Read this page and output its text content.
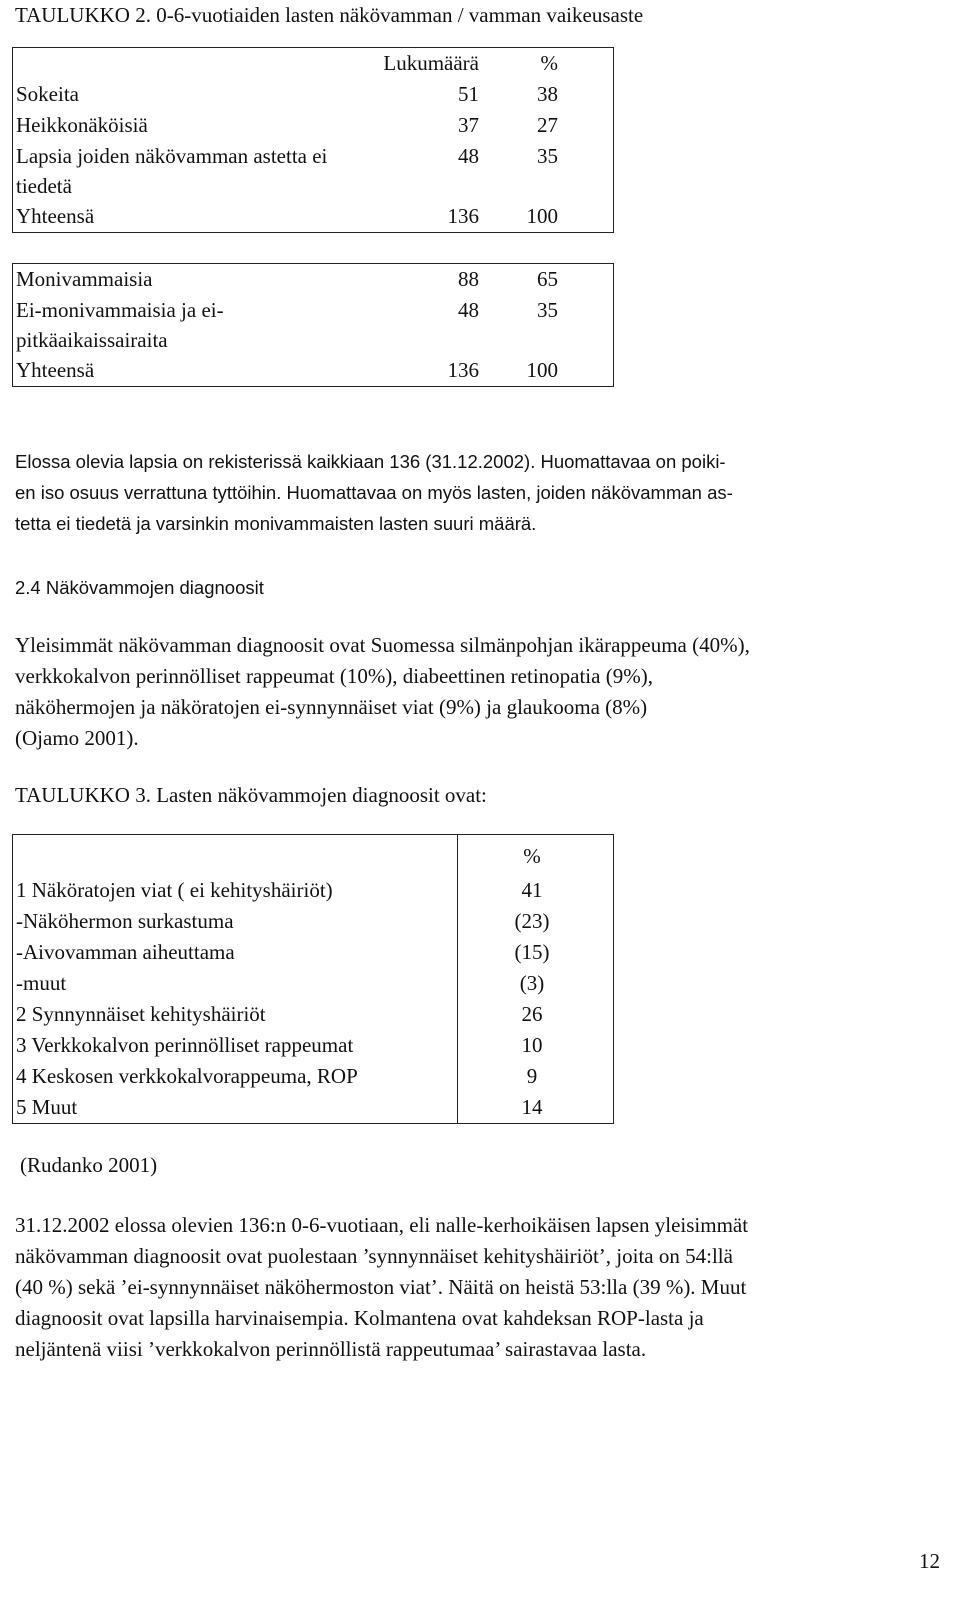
TAULUKKO 2. 0-6-vuotiaiden lasten näkövamman / vamman vaikeusaste
	Lukumäärä	%
Sokeita	51	38
Heikkonäköisiä	37	27
Lapsia joiden näkövamman astetta ei tiedetä	48	35
Yhteensä	136	100
Monivammaisia	88	65
Ei-monivammaisia ja ei-pitkäaikaissairaita	48	35
Yhteensä	136	100
Elossa olevia lapsia on rekisterissä kaikkiaan 136 (31.12.2002). Huomattavaa on poiki-
en iso osuus verrattuna tyttöihin. Huomattavaa on myös lasten, joiden näkövamman as-
tetta ei tiedetä ja varsinkin monivammaisten lasten suuri määrä.
2.4 Näkövammojen diagnoosit
Yleisimmät näkövamman diagnoosit ovat Suomessa silmänpohjan ikärappeuma (40%),
verkkokalvon perinnölliset rappeumat (10%), diabeettinen retinopatia (9%),
näköhermojen ja näköratojen ei-synnynnäiset viat (9%) ja glaukooma (8%)
(Ojamo 2001).
TAULUKKO 3. Lasten näkövammojen diagnoosit ovat:
	%
1 Näköratojen viat ( ei kehityshäiriöt)	41
-Näköhermon surkastuma	(23)
-Aivovamman aiheuttama	(15)
-muut	(3)
2 Synnynnäiset kehityshäiriöt	26
3 Verkkokalvon perinnölliset rappeumat	10
4 Keskosen verkkokalvorappeuma, ROP	9
5 Muut	14
(Rudanko 2001)
31.12.2002 elossa olevien 136:n 0-6-vuotiaan, eli nalle-kerhoikäisen lapsen yleisimmät
näkövamman diagnoosit ovat puolestaan ’synnynnäiset kehityshäiriöt’, joita on 54:llä
(40 %) sekä ’ei-synnynnäiset näköhermoston viat’. Näitä on heistä 53:lla (39 %). Muut
diagnoosit ovat lapsilla harvinaisempia. Kolmantena ovat kahdeksan ROP-lasta ja
neljäntenä viisi ’verkkokalvon perinnöllistä rappeutumaa’ sairastavaa lasta.
12
